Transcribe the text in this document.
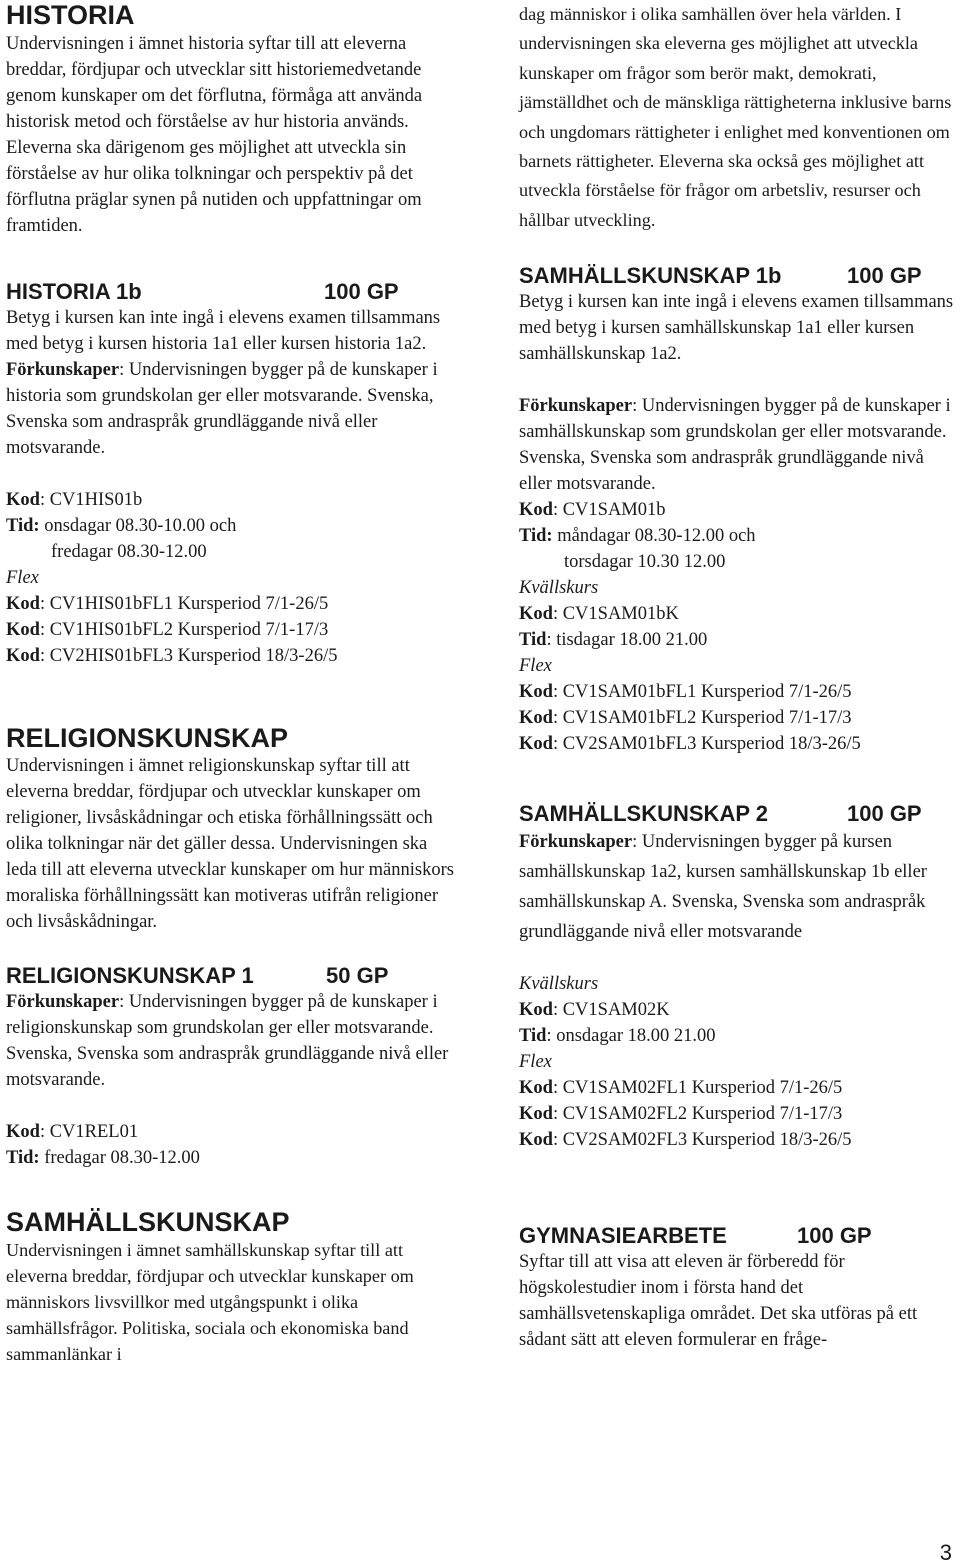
HISTORIA

Undervisningen i ämnet historia syftar till att eleverna breddar, fördjupar och utvecklar sitt historiemedvetande genom kunskaper om det förflutna, förmåga att använda historisk metod och förståelse av hur historia används. Eleverna ska därigenom ges möjlighet att utveckla sin förståelse av hur olika tolkningar och perspektiv på det förflutna präglar synen på nutiden och uppfattningar om framtiden.

HISTORIA 1b	100 GP

Betyg i kursen kan inte ingå i elevens examen tillsammans med betyg i kursen historia 1a1 eller kursen historia 1a2.

Förkunskaper: Undervisningen bygger på de kunskaper i historia som grundskolan ger eller motsvarande. Svenska, Svenska som andraspråk grundläggande nivå eller motsvarande.

Kod: CV1HIS01b

Tid: onsdagar 08.30-10.00 och

fredagar 08.30-12.00

Flex

Kod: CV1HIS01bFL1 Kursperiod 7/1-26/5

Kod: CV1HIS01bFL2 Kursperiod 7/1-17/3

Kod: CV2HIS01bFL3 Kursperiod 18/3-26/5

RELIGIONSKUNSKAP

Undervisningen i ämnet religionskunskap syftar till att eleverna breddar, fördjupar och utvecklar kunskaper om religioner, livsåskådningar och etiska förhållningssätt och olika tolkningar när det gäller dessa. Undervisningen ska leda till att eleverna utvecklar kunskaper om hur människors moraliska förhållningssätt kan motiveras utifrån religioner och livsåskådningar.

RELIGIONSKUNSKAP 1	50 GP

Förkunskaper: Undervisningen bygger på de kunskaper i religionskunskap som grundskolan ger eller motsvarande.

Svenska, Svenska som andraspråk grundläggande nivå eller motsvarande.

Kod: CV1REL01

Tid: fredagar 08.30-12.00

SAMHÄLLSKUNSKAP

Undervisningen i ämnet samhällskunskap syftar till att eleverna breddar, fördjupar och utvecklar kunskaper om människors livsvillkor med utgångspunkt i olika samhällsfrågor. Politiska, sociala och ekonomiska band sammanlänkar i

dag människor i olika samhällen över hela världen. I undervisningen ska eleverna ges möjlighet att utveckla kunskaper om frågor som berör makt, demokrati, jämställdhet och de mänskliga rättigheterna inklusive barns och ungdomars rättigheter i enlighet med konventionen om barnets rättigheter. Eleverna ska också ges möjlighet att utveckla förståelse för frågor om arbetsliv, resurser och hållbar utveckling.

SAMHÄLLSKUNSKAP 1b	100 GP

Betyg i kursen kan inte ingå i elevens examen tillsammans med betyg i kursen samhällskunskap 1a1 eller kursen samhällskunskap 1a2.

Förkunskaper: Undervisningen bygger på de kunskaper i samhällskunskap som grundskolan ger eller motsvarande. Svenska, Svenska som andraspråk grundläggande nivå eller motsvarande.

Kod: CV1SAM01b

Tid: måndagar 08.30-12.00 och

torsdagar 10.30 12.00

Kvällskurs

Kod: CV1SAM01bK

Tid: tisdagar 18.00 21.00

Flex

Kod: CV1SAM01bFL1 Kursperiod 7/1-26/5

Kod: CV1SAM01bFL2 Kursperiod 7/1-17/3

Kod: CV2SAM01bFL3 Kursperiod 18/3-26/5

SAMHÄLLSKUNSKAP 2	100 GP

Förkunskaper: Undervisningen bygger på kursen samhällskunskap 1a2, kursen samhällskunskap 1b eller samhällskunskap A. Svenska, Svenska som andraspråk grundläggande nivå eller motsvarande

Kvällskurs

Kod: CV1SAM02K

Tid: onsdagar 18.00 21.00

Flex

Kod: CV1SAM02FL1 Kursperiod 7/1-26/5

Kod: CV1SAM02FL2 Kursperiod 7/1-17/3

Kod: CV2SAM02FL3 Kursperiod 18/3-26/5

GYMNASIEARBETE	100 GP

Syftar till att visa att eleven är förberedd för högskolestudier inom i första hand det samhällsvetenskapliga området. Det ska utföras på ett sådant sätt att eleven formulerar en fråge-

3
